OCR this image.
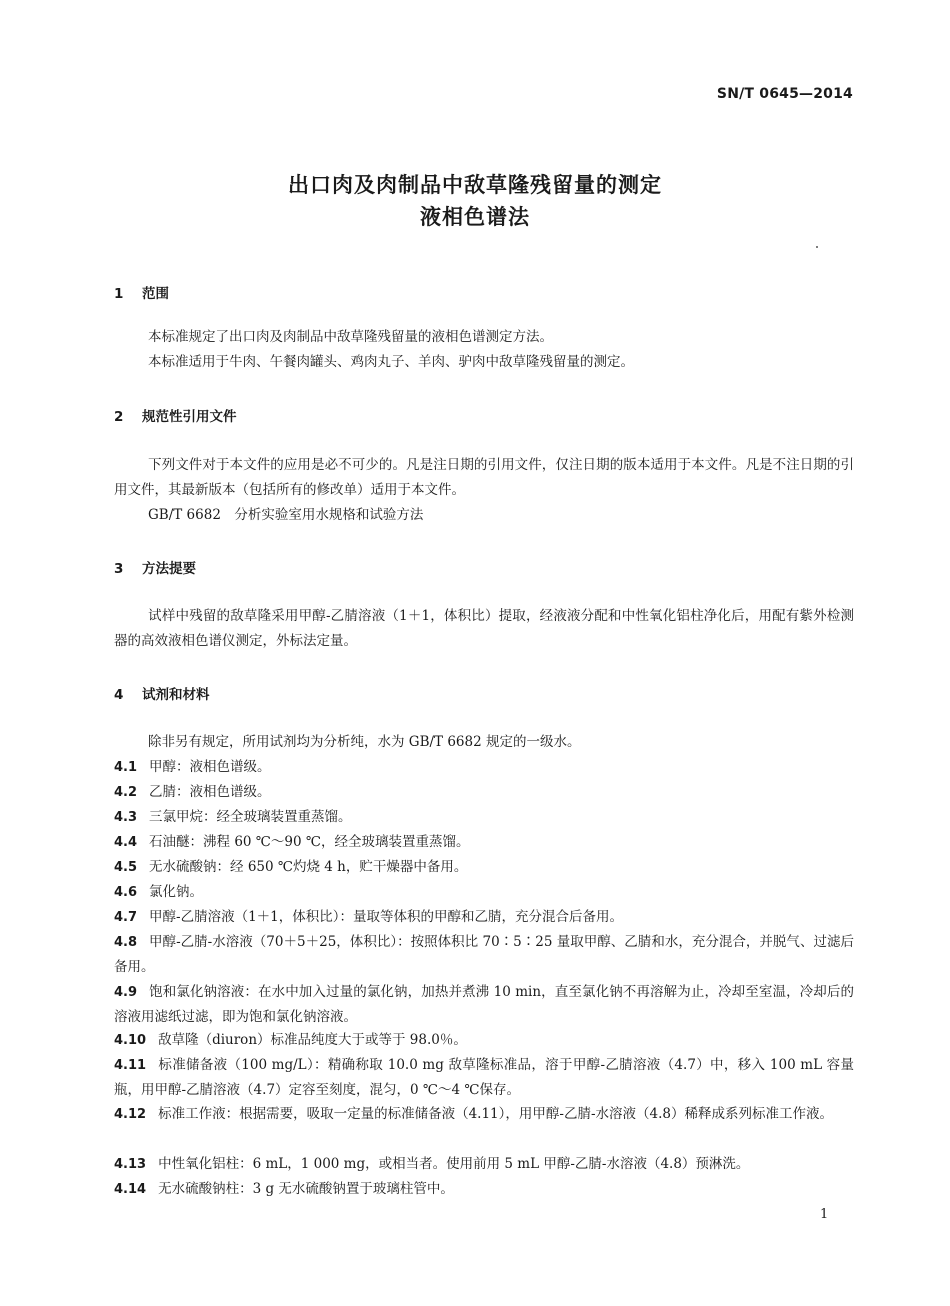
SN/T 0645—2014
出口肉及肉制品中敌草隆残留量的测定
液相色谱法
1 范围
本标准规定了出口肉及肉制品中敌草隆残留量的液相色谱测定方法。
本标准适用于牛肉、午餐肉罐头、鸡肉丸子、羊肉、驴肉中敌草隆残留量的测定。
2 规范性引用文件
下列文件对于本文件的应用是必不可少的。凡是注日期的引用文件，仅注日期的版本适用于本文件。凡是不注日期的引用文件，其最新版本（包括所有的修改单）适用于本文件。
GB/T 6682　分析实验室用水规格和试验方法
3 方法提要
试样中残留的敌草隆采用甲醇-乙腈溶液（1＋1，体积比）提取，经液液分配和中性氧化铝柱净化后，用配有紫外检测器的高效液相色谱仪测定，外标法定量。
4 试剂和材料
除非另有规定，所用试剂均为分析纯，水为 GB/T 6682 规定的一级水。
4.1 甲醇：液相色谱级。
4.2 乙腈：液相色谱级。
4.3 三氯甲烷：经全玻璃装置重蒸馏。
4.4 石油醚：沸程 60 ℃～90 ℃，经全玻璃装置重蒸馏。
4.5 无水硫酸钠：经 650 ℃灼烧 4 h，贮干燥器中备用。
4.6 氯化钠。
4.7 甲醇-乙腈溶液（1＋1，体积比）：量取等体积的甲醇和乙腈，充分混合后备用。
4.8 甲醇-乙腈-水溶液（70＋5＋25，体积比）：按照体积比 70∶5∶25 量取甲醇、乙腈和水，充分混合，并脱气、过滤后备用。
4.9 饱和氯化钠溶液：在水中加入过量的氯化钠，加热并煮沸 10 min，直至氯化钠不再溶解为止，冷却至室温，冷却后的溶液用滤纸过滤，即为饱和氯化钠溶液。
4.10 敌草隆（diuron）标准品纯度大于或等于 98.0％。
4.11 标准储备液（100 mg/L）：精确称取 10.0 mg 敌草隆标准品，溶于甲醇-乙腈溶液（4.7）中，移入 100 mL 容量瓶，用甲醇-乙腈溶液（4.7）定容至刻度，混匀，0 ℃～4 ℃保存。
4.12 标准工作液：根据需要，吸取一定量的标准储备液（4.11），用甲醇-乙腈-水溶液（4.8）稀释成系列标准工作液。
4.13 中性氧化铝柱：6 mL，1 000 mg，或相当者。使用前用 5 mL 甲醇-乙腈-水溶液（4.8）预淋洗。
4.14 无水硫酸钠柱：3 g 无水硫酸钠置于玻璃柱管中。
1
